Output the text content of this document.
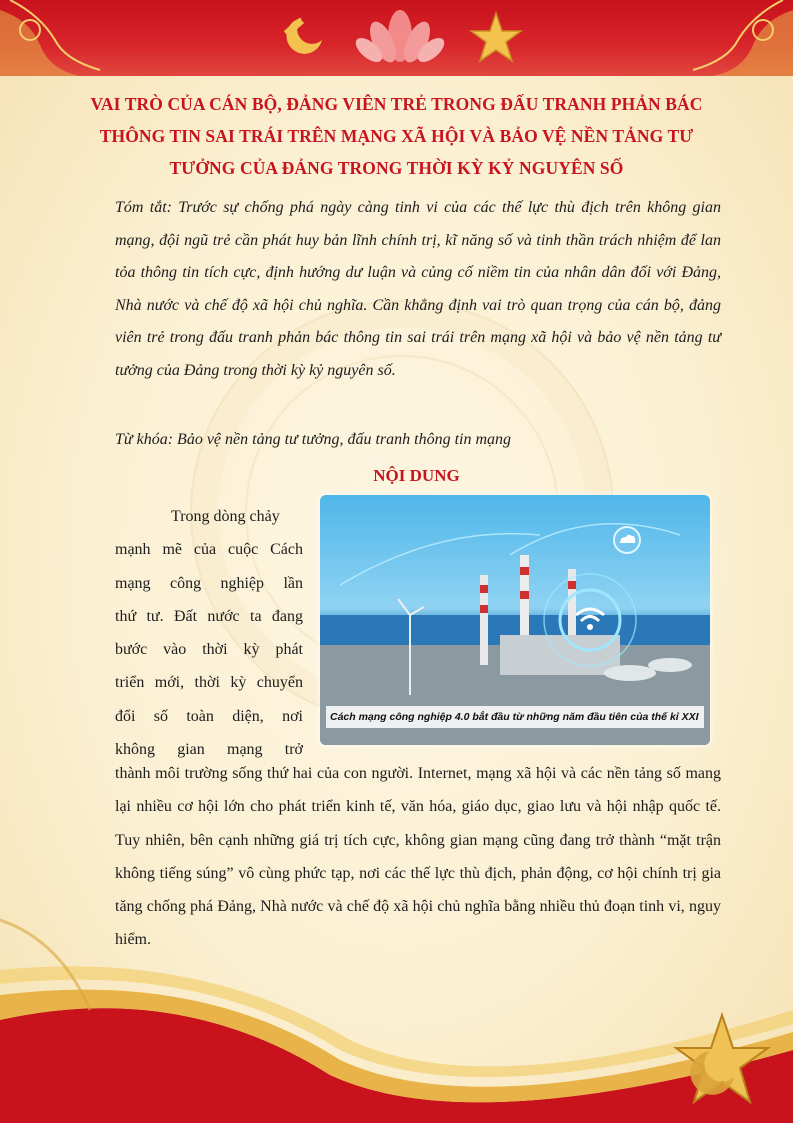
VAI TRÒ CỦA CÁN BỘ, ĐẢNG VIÊN TRẺ TRONG ĐẤU TRANH PHẢN BÁC THÔNG TIN SAI TRÁI TRÊN MẠNG XÃ HỘI VÀ BẢO VỆ NỀN TẢNG TƯ TƯỞNG CỦA ĐẢNG TRONG THỜI KỲ KỶ NGUYÊN SỐ

Tóm tắt: Trước sự chống phá ngày càng tinh vi của các thế lực thù địch trên không gian mạng, đội ngũ trẻ cần phát huy bản lĩnh chính trị, kĩ năng số và tinh thần trách nhiệm để lan tỏa thông tin tích cực, định hướng dư luận và củng cố niềm tin của nhân dân đối với Đảng, Nhà nước và chế độ xã hội chủ nghĩa. Cần khẳng định vai trò quan trọng của cán bộ, đảng viên trẻ trong đấu tranh phản bác thông tin sai trái trên mạng xã hội và bảo vệ nền tảng tư tưởng của Đảng trong thời kỳ kỷ nguyên số.

Từ khóa: Bảo vệ nền tảng tư tưởng, đấu tranh thông tin mạng

NỘI DUNG
Cách mạng công nghiệp 4.0 bắt đầu từ những năm đầu tiên của thế kỉ XXI

Trong dòng chảy
mạnh mẽ của cuộc Cách
mạng công nghiệp lần
thứ tư. Đất nước ta đang
bước vào thời kỳ phát
triển mới, thời kỳ chuyển
đổi số toàn diện, nơi
không gian mạng trở

thành môi trường sống thứ hai của con người. Internet, mạng xã hội và các nền tảng số mang lại nhiều cơ hội lớn cho phát triển kinh tế, văn hóa, giáo dục, giao lưu và hội nhập quốc tế. Tuy nhiên, bên cạnh những giá trị tích cực, không gian mạng cũng đang trở thành “mặt trận không tiếng súng” vô cùng phức tạp, nơi các thế lực thù địch, phản động, cơ hội chính trị gia tăng chống phá Đảng, Nhà nước và chế độ xã hội chủ nghĩa bằng nhiều thủ đoạn tinh vi, nguy hiểm.
